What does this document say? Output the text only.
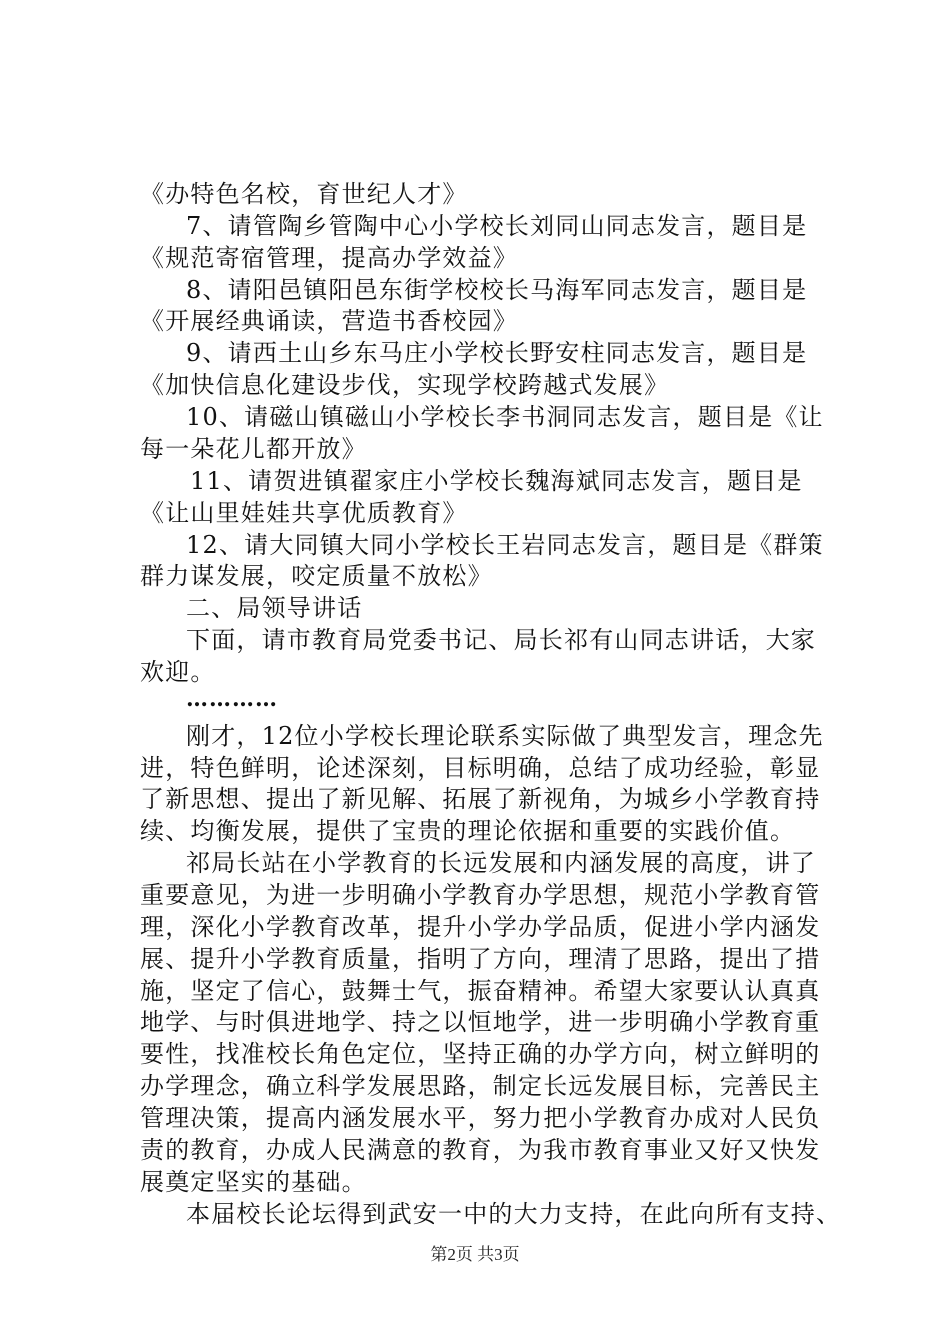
《办特色名校，育世纪人才》
7、请管陶乡管陶中心小学校长刘同山同志发言，题目是
《规范寄宿管理，提高办学效益》
8、请阳邑镇阳邑东街学校校长马海军同志发言，题目是
《开展经典诵读，营造书香校园》
9、请西土山乡东马庄小学校长野安柱同志发言，题目是
《加快信息化建设步伐，实现学校跨越式发展》
10、请磁山镇磁山小学校长李书洞同志发言，题目是《让
每一朵花儿都开放》
11、请贺进镇翟家庄小学校长魏海斌同志发言，题目是
《让山里娃娃共享优质教育》
12、请大同镇大同小学校长王岩同志发言，题目是《群策
群力谋发展，咬定质量不放松》
二、局领导讲话
下面，请市教育局党委书记、局长祁有山同志讲话，大家
欢迎。
…………
刚才，12位小学校长理论联系实际做了典型发言，理念先
进，特色鲜明，论述深刻，目标明确，总结了成功经验，彰显
了新思想、提出了新见解、拓展了新视角，为城乡小学教育持
续、均衡发展，提供了宝贵的理论依据和重要的实践价值。
祁局长站在小学教育的长远发展和内涵发展的高度，讲了
重要意见，为进一步明确小学教育办学思想，规范小学教育管
理，深化小学教育改革，提升小学办学品质，促进小学内涵发
展、提升小学教育质量，指明了方向，理清了思路，提出了措
施，坚定了信心，鼓舞士气，振奋精神。希望大家要认认真真
地学、与时俱进地学、持之以恒地学，进一步明确小学教育重
要性，找准校长角色定位，坚持正确的办学方向，树立鲜明的
办学理念，确立科学发展思路，制定长远发展目标，完善民主
管理决策，提高内涵发展水平，努力把小学教育办成对人民负
责的教育，办成人民满意的教育，为我市教育事业又好又快发
展奠定坚实的基础。
本届校长论坛得到武安一中的大力支持，在此向所有支持、
第2页 共3页
